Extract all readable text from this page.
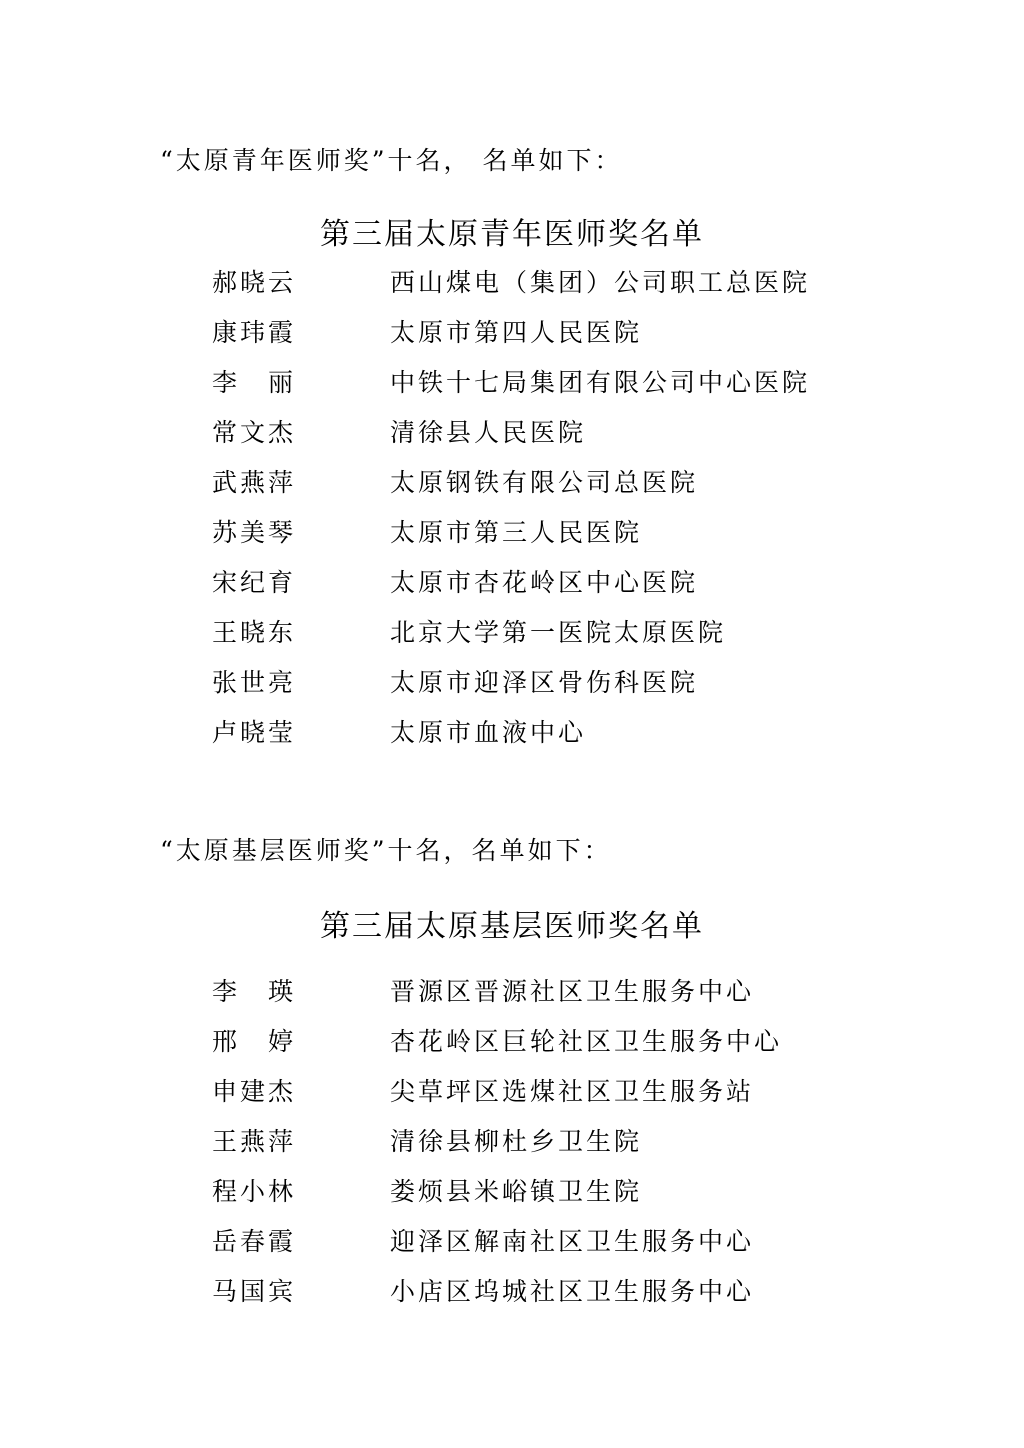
“太原青年医师奖”十名， 名单如下：
第三届太原青年医师奖名单
郝晓云	西山煤电（集团）公司职工总医院
康玮霞	太原市第四人民医院
李　丽	中铁十七局集团有限公司中心医院
常文杰	清徐县人民医院
武燕萍	太原钢铁有限公司总医院
苏美琴	太原市第三人民医院
宋纪育	太原市杏花岭区中心医院
王晓东	北京大学第一医院太原医院
张世亮	太原市迎泽区骨伤科医院
卢晓莹	太原市血液中心
“太原基层医师奖”十名，名单如下：
第三届太原基层医师奖名单
李　瑛	晋源区晋源社区卫生服务中心
邢　婷	杏花岭区巨轮社区卫生服务中心
申建杰	尖草坪区选煤社区卫生服务站
王燕萍	清徐县柳杜乡卫生院
程小林	娄烦县米峪镇卫生院
岳春霞	迎泽区解南社区卫生服务中心
马国宾	小店区坞城社区卫生服务中心
